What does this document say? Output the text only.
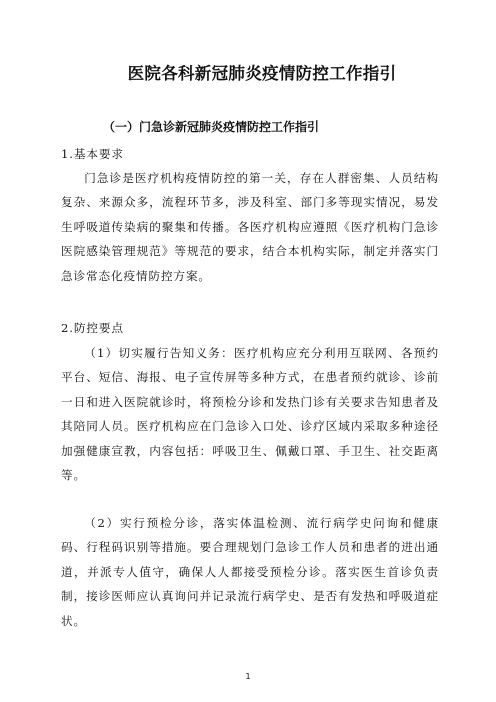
医院各科新冠肺炎疫情防控工作指引
（一）门急诊新冠肺炎疫情防控工作指引

1.基本要求

门急诊是医疗机构疫情防控的第一关，存在人群密集、人员结构复杂、来源众多，流程环节多，涉及科室、部门多等现实情况，易发生呼吸道传染病的聚集和传播。各医疗机构应遵照《医疗机构门急诊医院感染管理规范》等规范的要求，结合本机构实际，制定并落实门急诊常态化疫情防控方案。

2.防控要点

（1）切实履行告知义务：医疗机构应充分利用互联网、各预约平台、短信、海报、电子宣传屏等多种方式，在患者预约就诊、诊前一日和进入医院就诊时，将预检分诊和发热门诊有关要求告知患者及其陪同人员。医疗机构应在门急诊入口处、诊疗区域内采取多种途径加强健康宣教，内容包括：呼吸卫生、佩戴口罩、手卫生、社交距离等。

（2）实行预检分诊，落实体温检测、流行病学史问询和健康码、行程码识别等措施。要合理规划门急诊工作人员和患者的进出通道，并派专人值守，确保人人都接受预检分诊。落实医生首诊负责制，接诊医师应认真询问并记录流行病学史、是否有发热和呼吸道症状。

1
